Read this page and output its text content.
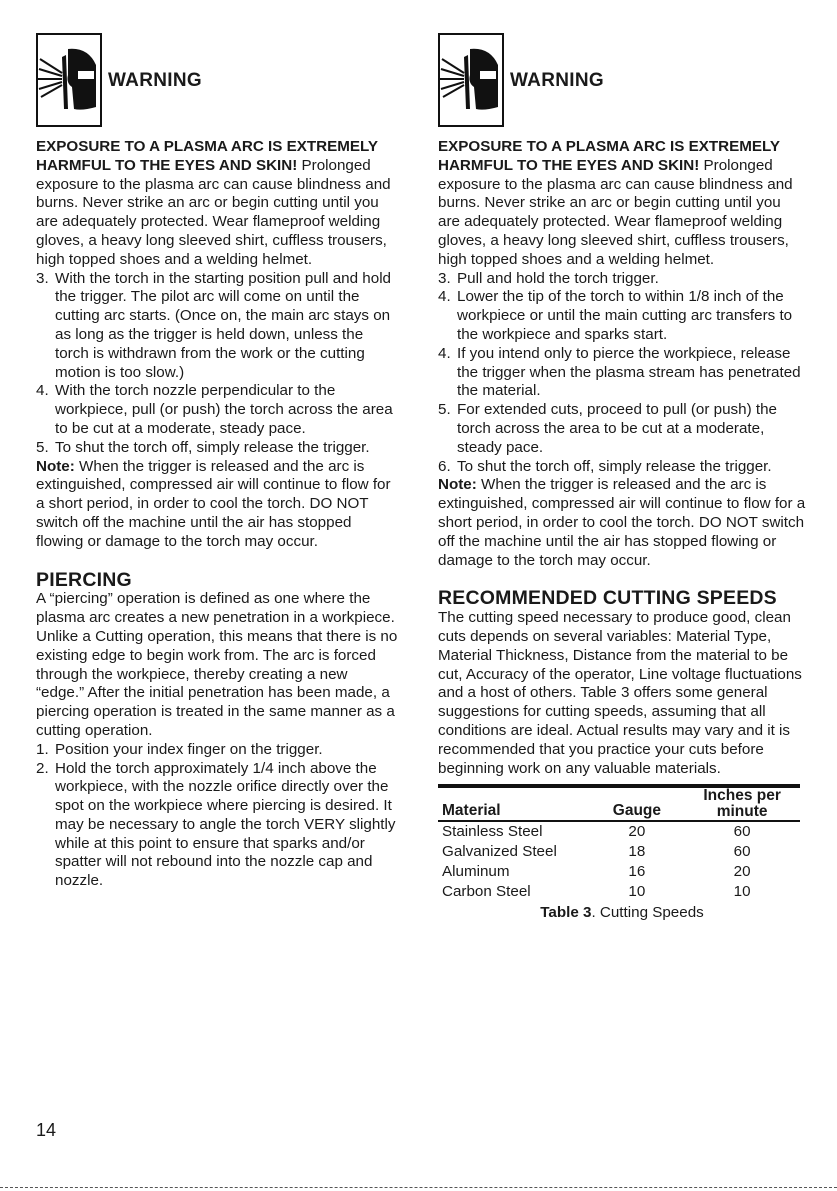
WARNING

EXPOSURE TO A PLASMA ARC IS EXTREMELY HARMFUL TO THE EYES AND SKIN! Prolonged exposure to the plasma arc can cause blindness and burns. Never strike an arc or begin cutting until you are adequately protected. Wear flameproof welding gloves, a heavy long sleeved shirt, cuffless trousers, high topped shoes and a welding helmet.

3. With the torch in the starting position pull and hold the trigger. The pilot arc will come on until the cutting arc starts. (Once on, the main arc stays on as long as the trigger is held down, unless the torch is withdrawn from the work or the cutting motion is too slow.)
4. With the torch nozzle perpendicular to the workpiece, pull (or push) the torch across the area to be cut at a moderate, steady pace.
5. To shut the torch off, simply release the trigger.

Note: When the trigger is released and the arc is extinguished, compressed air will continue to flow for a short period, in order to cool the torch. DO NOT switch off the machine until the air has stopped flowing or damage to the torch may occur.

PIERCING

A “piercing” operation is defined as one where the plasma arc creates a new penetration in a workpiece. Unlike a Cutting operation, this means that there is no existing edge to begin work from. The arc is forced through the workpiece, thereby creating a new “edge.” After the initial penetration has been made, a piercing operation is treated in the same manner as a cutting operation.

1. Position your index finger on the trigger.
2. Hold the torch approximately 1/4 inch above the workpiece, with the nozzle orifice directly over the spot on the workpiece where piercing is desired. It may be necessary to angle the torch VERY slightly while at this point to ensure that sparks and/or spatter will not rebound into the nozzle cap and nozzle.
WARNING

EXPOSURE TO A PLASMA ARC IS EXTREMELY HARMFUL TO THE EYES AND SKIN! Prolonged exposure to the plasma arc can cause blindness and burns. Never strike an arc or begin cutting until you are adequately protected. Wear flameproof welding gloves, a heavy long sleeved shirt, cuffless trousers, high topped shoes and a welding helmet.

3. Pull and hold the torch trigger.
4. Lower the tip of the torch to within 1/8 inch of the workpiece or until the main cutting arc transfers to the workpiece and sparks start.
4. If you intend only to pierce the workpiece, release the trigger when the plasma stream has penetrated the material.
5. For extended cuts, proceed to pull (or push) the torch across the area to be cut at a moderate, steady pace.
6. To shut the torch off, simply release the trigger.

Note: When the trigger is released and the arc is extinguished, compressed air will continue to flow for a short period, in order to cool the torch. DO NOT switch off the machine until the air has stopped flowing or damage to the torch may occur.

RECOMMENDED CUTTING SPEEDS

The cutting speed necessary to produce good, clean cuts depends on several variables: Material Type, Material Thickness, Distance from the material to be cut, Accuracy of the operator, Line voltage fluctuations and a host of others. Table 3 offers some general suggestions for cutting speeds, assuming that all conditions are ideal. Actual results may vary and it is recommended that you practice your cuts before beginning work on any valuable materials.

Material	Gauge	Inches per minute
Stainless Steel	20	60
Galvanized Steel	18	60
Aluminum	16	20
Carbon Steel	10	10
Table 3. Cutting Speeds
14
